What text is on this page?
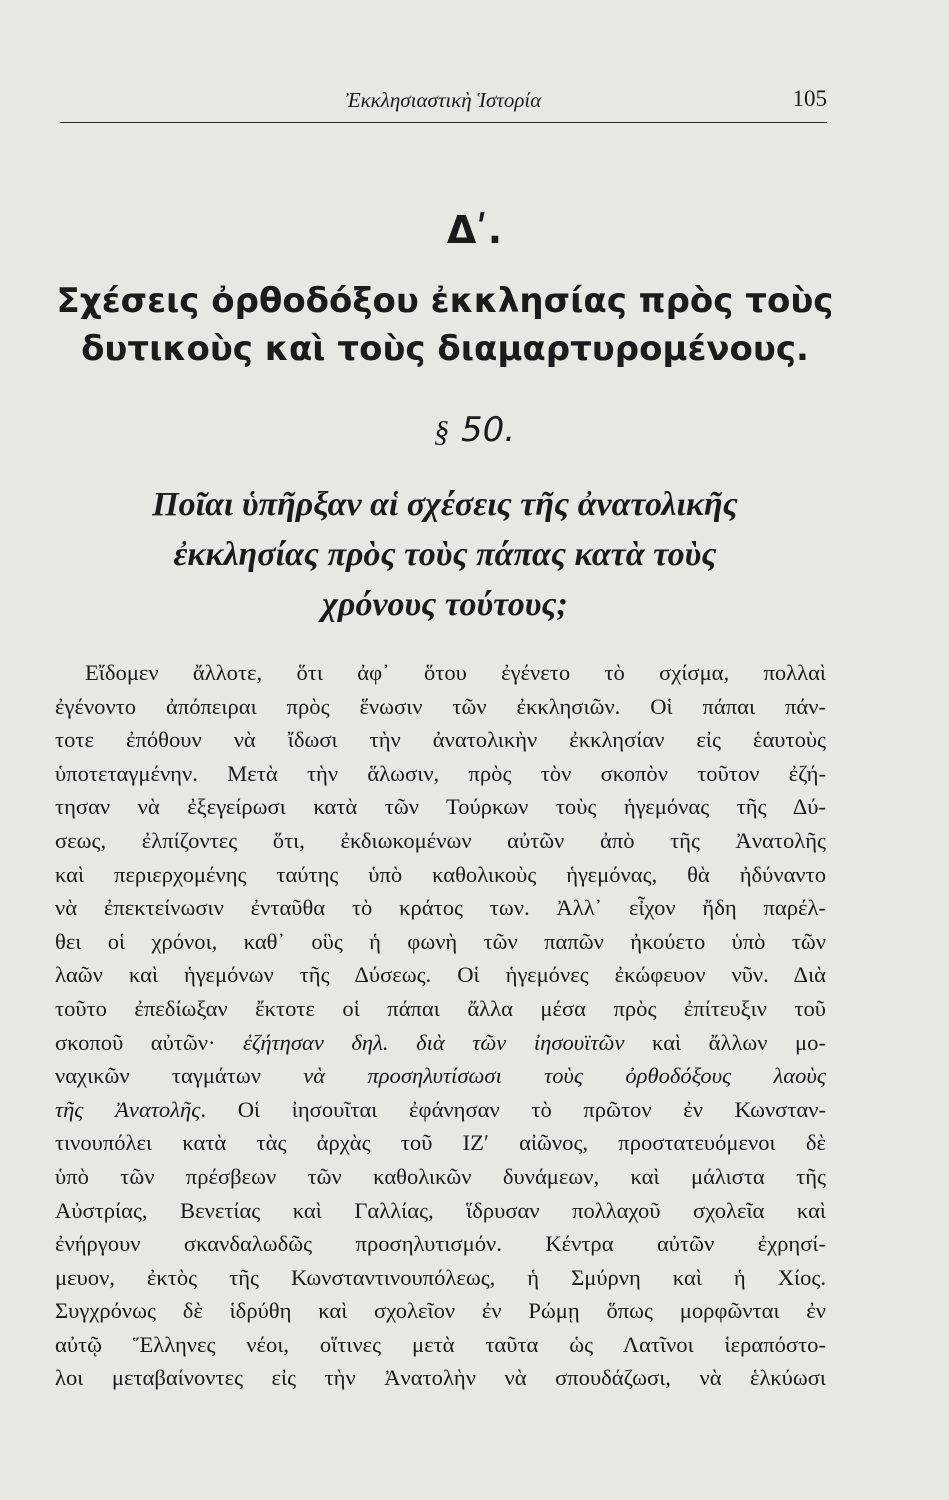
Ἐκκλησιαστικὴ Ἱστορία	105
Δʹ.
Σχέσεις ὀρθοδόξου ἐκκλησίας πρὸς τοὺς
δυτικοὺς καὶ τοὺς διαμαρτυρομένους.
§ 50.
Ποῖαι ὑπῆρξαν αἱ σχέσεις τῆς ἀνατολικῆς
ἐκκλησίας πρὸς τοὺς πάπας κατὰ τοὺς
χρόνους τούτους;
Εἴδομεν ἄλλοτε, ὅτι ἀφ᾽ ὅτου ἐγένετο τὸ σχίσμα, πολλαὶ
ἐγένοντο ἀπόπειραι πρὸς ἕνωσιν τῶν ἐκκλησιῶν. Οἱ πάπαι πάν-
τοτε ἐπόθουν νὰ ἴδωσι τὴν ἀνατολικὴν ἐκκλησίαν εἰς ἑαυτοὺς
ὑποτεταγμένην. Μετὰ τὴν ἅλωσιν, πρὸς τὸν σκοπὸν τοῦτον ἐζή-
τησαν νὰ ἐξεγείρωσι κατὰ τῶν Τούρκων τοὺς ἡγεμόνας τῆς Δύ-
σεως, ἐλπίζοντες ὅτι, ἐκδιωκομένων αὐτῶν ἀπὸ τῆς Ἀνατολῆς
καὶ περιερχομένης ταύτης ὑπὸ καθολικοὺς ἡγεμόνας, θὰ ἠδύναντο
νὰ ἐπεκτείνωσιν ἐνταῦθα τὸ κράτος των. Ἀλλ᾽ εἶχον ἤδη παρέλ-
θει οἱ χρόνοι, καθ᾽ οὓς ἡ φωνὴ τῶν παπῶν ἠκούετο ὑπὸ τῶν
λαῶν καὶ ἡγεμόνων τῆς Δύσεως. Οἱ ἡγεμόνες ἐκώφευον νῦν. Διὰ
τοῦτο ἐπεδίωξαν ἔκτοτε οἱ πάπαι ἄλλα μέσα πρὸς ἐπίτευξιν τοῦ
σκοποῦ αὐτῶν· ἐζήτησαν δηλ. διὰ τῶν ἰησουϊτῶν καὶ ἄλλων μο-
ναχικῶν ταγμάτων νὰ προσηλυτίσωσι τοὺς ὀρθοδόξους λαοὺς
τῆς Ἀνατολῆς. Οἱ ἰησουῖται ἐφάνησαν τὸ πρῶτον ἐν Κωνσταν-
τινουπόλει κατὰ τὰς ἀρχὰς τοῦ ΙΖʹ αἰῶνος, προστατευόμενοι δὲ
ὑπὸ τῶν πρέσβεων τῶν καθολικῶν δυνάμεων, καὶ μάλιστα τῆς
Αὐστρίας, Βενετίας καὶ Γαλλίας, ἵδρυσαν πολλαχοῦ σχολεῖα καὶ
ἐνήργουν σκανδαλωδῶς προσηλυτισμόν. Κέντρα αὐτῶν ἐχρησί-
μευον, ἐκτὸς τῆς Κωνσταντινουπόλεως, ἡ Σμύρνη καὶ ἡ Χίος.
Συγχρόνως δὲ ἱδρύθη καὶ σχολεῖον ἐν Ρώμῃ ὅπως μορφῶνται ἐν
αὐτῷ Ἕλληνες νέοι, οἵτινες μετὰ ταῦτα ὡς Λατῖνοι ἱεραπόστο-
λοι μεταβαίνοντες εἰς τὴν Ἀνατολὴν νὰ σπουδάζωσι, νὰ ἑλκύωσι
